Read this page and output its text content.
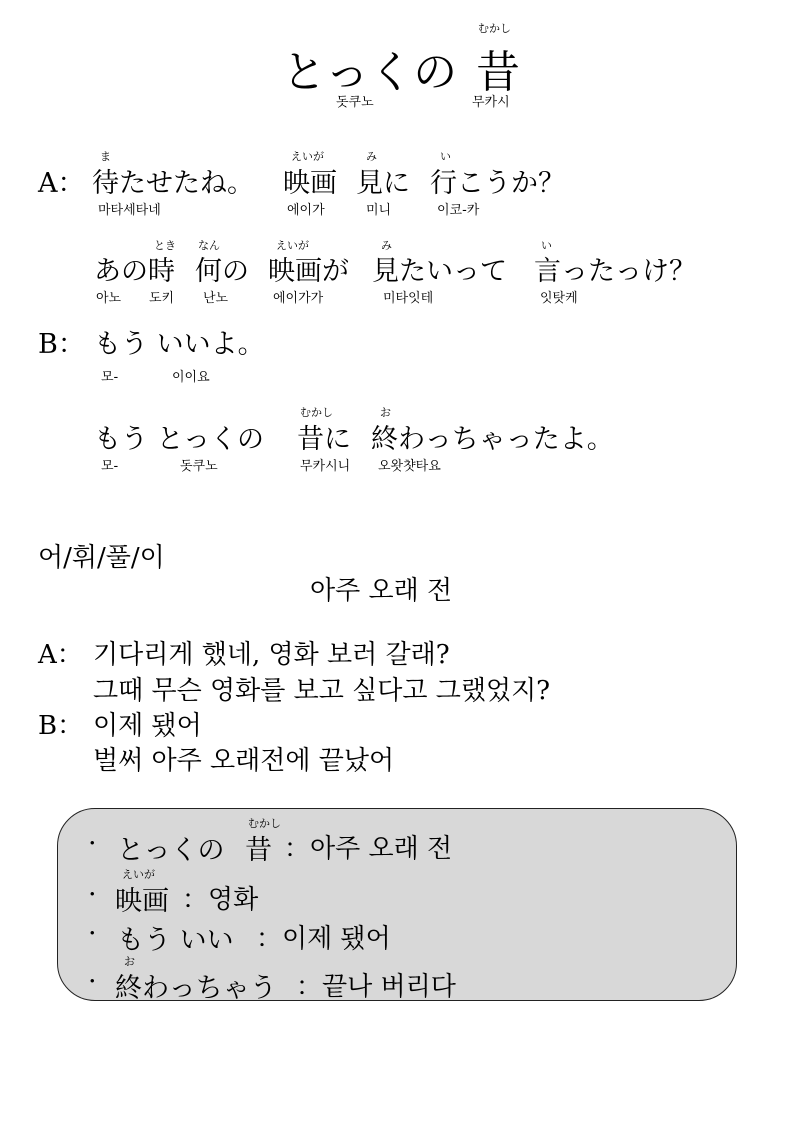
とっくの
むかし
昔
돗쿠노	무카시
A：
ま
待たせたね。
えいが
映画
み
見に
い
行こうか？
마타세타네	에이가	미니	이코-카
あの時
とき
何の
なん
映画が
えいが
見たいって
み
言ったっけ？
い
아노 도키 난노	에이가가	미타잇테	잇탓케
B： もう いいよ。
모-	이이요
もう とっくの
むかし
昔に
お
終わっちゃったよ。
모-	돗쿠노	무카시니 오왓챳타요
어/휘/풀/이
아주 오래 전
A： 기다리게 했네, 영화 보러 갈래?
그때 무슨 영화를 보고 싶다고 그랬었지?
B： 이제 됐어
벌써 아주 오래전에 끝났어
· とっくの
むかし
昔 ：아주 오래 전
·
えいが
映画 ：영화
· もう いい ：이제 됐어
·
お
終 わっちゃう ：끝나 버리다
